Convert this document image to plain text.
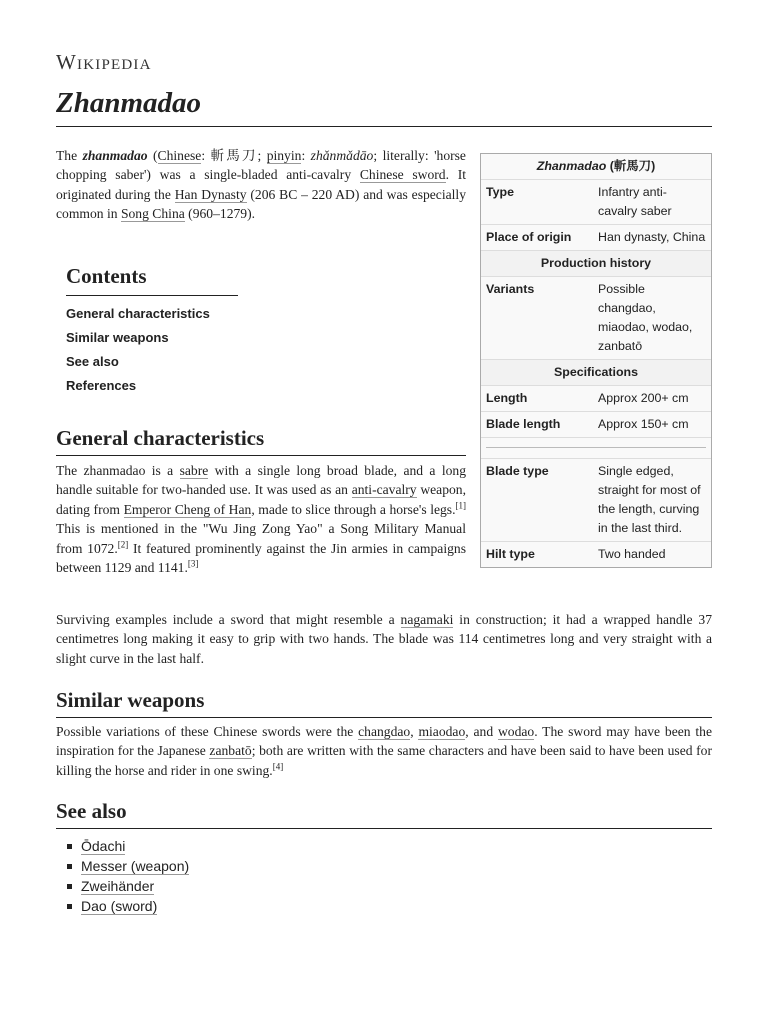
Wikipedia
Zhanmadao

The zhanmadao (Chinese: 斬馬刀; pinyin: zhǎnmǎdāo; literally: 'horse chopping saber') was a single-bladed anti-cavalry Chinese sword. It originated during the Han Dynasty (206 BC – 220 AD) and was especially common in Song China (960–1279).

Contents
General characteristics
Similar weapons
See also
References
General characteristics

The zhanmadao is a sabre with a single long broad blade, and a long handle suitable for two-handed use. It was used as an anti-cavalry weapon, dating from Emperor Cheng of Han, made to slice through a horse's legs.[1] This is mentioned in the "Wu Jing Zong Yao" a Song Military Manual from 1072.[2] It featured prominently against the Jin armies in campaigns between 1129 and 1141.[3]

Surviving examples include a sword that might resemble a nagamaki in construction; it had a wrapped handle 37 centimetres long making it easy to grip with two hands. The blade was 114 centimetres long and very straight with a slight curve in the last half.

Similar weapons

Possible variations of these Chinese swords were the changdao, miaodao, and wodao. The sword may have been the inspiration for the Japanese zanbatō; both are written with the same characters and have been said to have been used for killing the horse and rider in one swing.[4]

See also
Ōdachi
Messer (weapon)
Zweihänder
Dao (sword)
Zhanmadao (斬馬刀)
Type	Infantry anti-cavalry saber
Place of origin	Han dynasty, China
Production history
Variants	Possible changdao, miaodao, wodao, zanbatō
Specifications
Length	Approx 200+ cm
Blade length	Approx 150+ cm
Blade type	Single edged, straight for most of the length, curving in the last third.
Hilt type	Two handed
